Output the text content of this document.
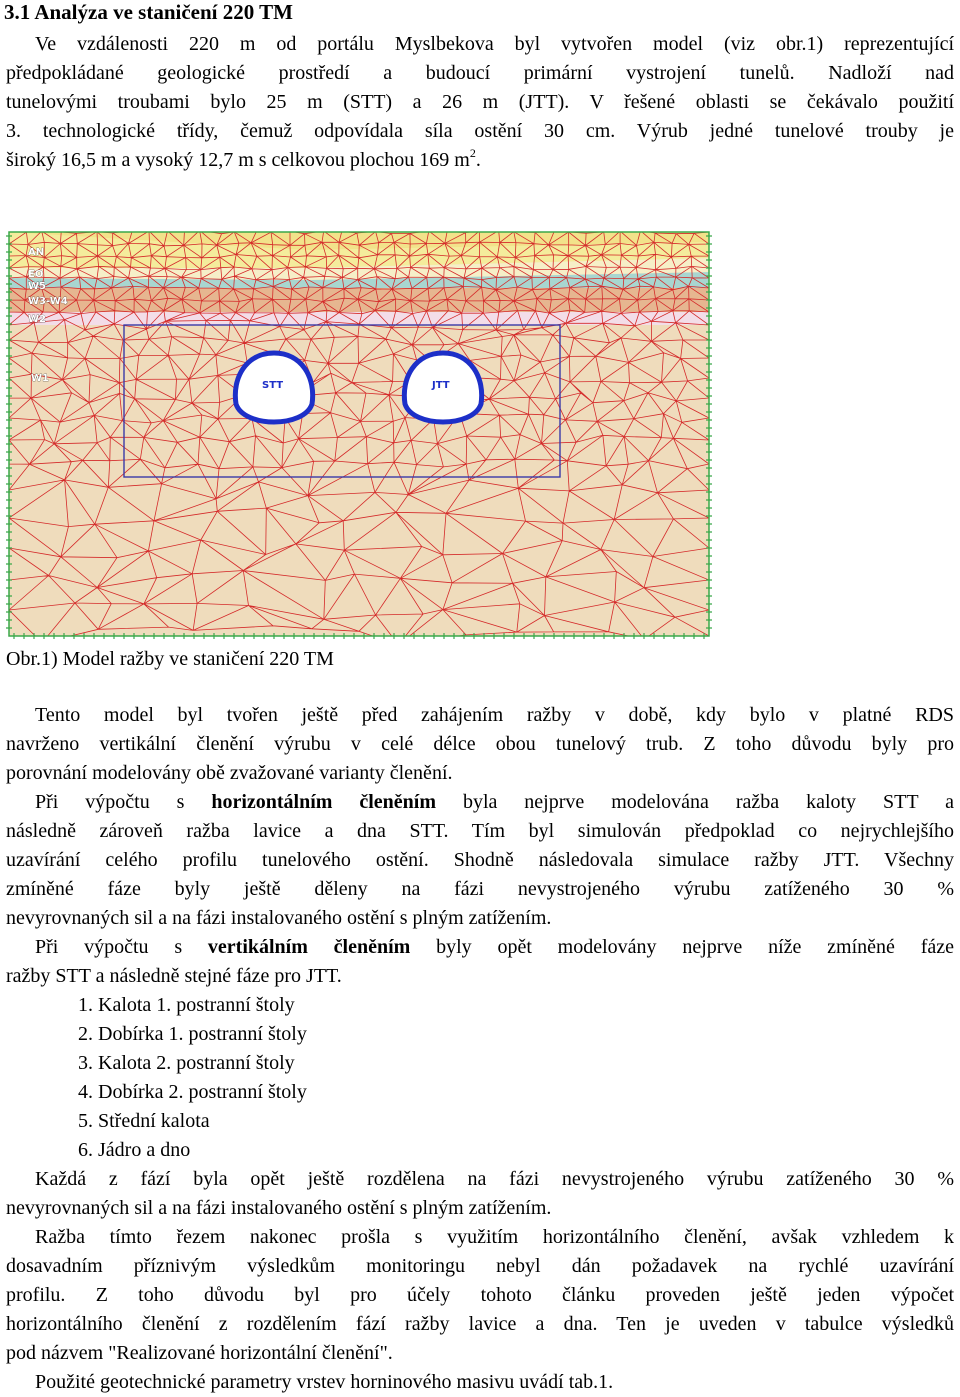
3.1 Analýza ve staničení 220 TM
Ve vzdálenosti 220 m od portálu Myslbekova byl vytvořen model (viz obr.1) reprezentující
předpokládané geologické prostředí a budoucí primární vystrojení tunelů. Nadloží nad
tunelovými troubami bylo 25 m (STT) a 26 m (JTT). V řešené oblasti se čekávalo použití
3. technologické třídy, čemuž odpovídala síla ostění 30 cm. Výrub jedné tunelové trouby je
široký 16,5 m a vysoký 12,7 m s celkovou plochou 169 $m^2$.
AN
EO
W5
W3-W4
W2
W1
STT	JTT

Obr.1) Model ražby ve staničení 220 TM

Tento model byl tvořen ještě před zahájením ražby v době, kdy bylo v platné RDS
navrženo vertikální členění výrubu v celé délce obou tunelový trub. Z toho důvodu byly pro
porovnání modelovány obě zvažované varianty členění.
Při výpočtu s horizontálním členěním byla nejprve modelována ražba kaloty STT a
následně zároveň ražba lavice a dna STT. Tím byl simulován předpoklad co nejrychlejšího
uzavírání celého profilu tunelového ostění. Shodně následovala simulace ražby JTT. Všechny
zmíněné fáze byly ještě děleny na fázi nevystrojeného výrubu zatíženého 30 %
nevyrovnaných sil a na fázi instalovaného ostění s plným zatížením.
Při výpočtu s vertikálním členěním byly opět modelovány nejprve níže zmíněné fáze
ražby STT a následně stejné fáze pro JTT.
1. Kalota 1. postranní štoly
2. Dobírka 1. postranní štoly
3. Kalota 2. postranní štoly
4. Dobírka 2. postranní štoly
5. Střední kalota
6. Jádro a dno
Každá z fází byla opět ještě rozdělena na fázi nevystrojeného výrubu zatíženého 30 %
nevyrovnaných sil a na fázi instalovaného ostění s plným zatížením.
Ražba tímto řezem nakonec prošla s využitím horizontálního členění, avšak vzhledem k
dosavadním příznivým výsledkům monitoringu nebyl dán požadavek na rychlé uzavírání
profilu. Z toho důvodu byl pro účely tohoto článku proveden ještě jeden výpočet
horizontálního členění z rozdělením fází ražby lavice a dna. Ten je uveden v tabulce výsledků
pod názvem "Realizované horizontální členění".
Použité geotechnické parametry vrstev horninového masivu uvádí tab.1.
